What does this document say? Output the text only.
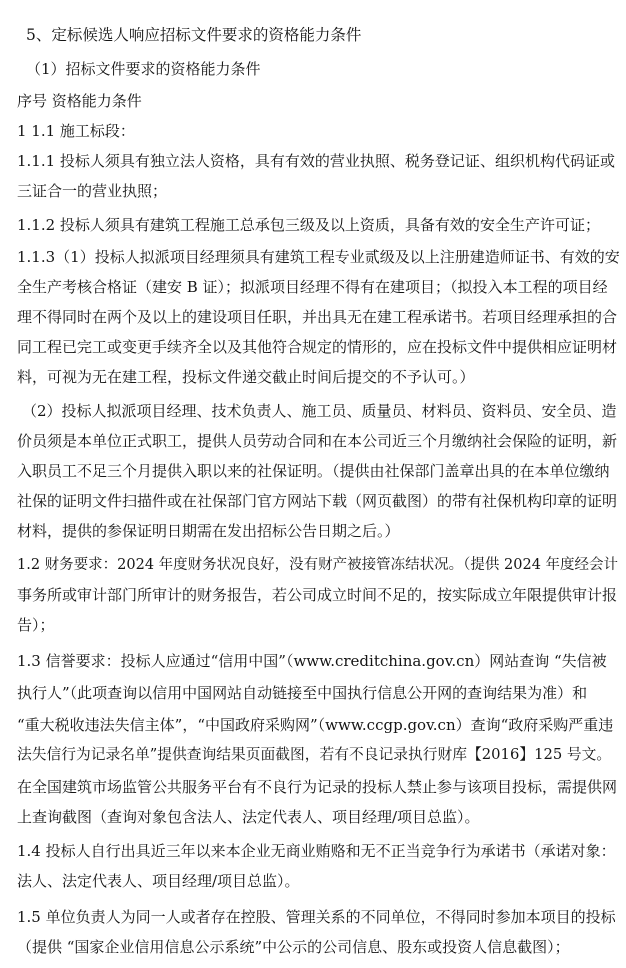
5、定标候选人响应招标文件要求的资格能力条件
（1）招标文件要求的资格能力条件
序号 资格能力条件
1 1.1 施工标段：
1.1.1 投标人须具有独立法人资格，具有有效的营业执照、税务登记证、组织机构代码证或
三证合一的营业执照；
1.1.2 投标人须具有建筑工程施工总承包三级及以上资质，具备有效的安全生产许可证；
1.1.3（1）投标人拟派项目经理须具有建筑工程专业贰级及以上注册建造师证书、有效的安
全生产考核合格证（建安 B 证）；拟派项目经理不得有在建项目；（拟投入本工程的项目经
理不得同时在两个及以上的建设项目任职，并出具无在建工程承诺书。若项目经理承担的合
同工程已完工或变更手续齐全以及其他符合规定的情形的，应在投标文件中提供相应证明材
料，可视为无在建工程，投标文件递交截止时间后提交的不予认可。）
（2）投标人拟派项目经理、技术负责人、施工员、质量员、材料员、资料员、安全员、造
价员须是本单位正式职工，提供人员劳动合同和在本公司近三个月缴纳社会保险的证明，新
入职员工不足三个月提供入职以来的社保证明。（提供由社保部门盖章出具的在本单位缴纳
社保的证明文件扫描件或在社保部门官方网站下载（网页截图）的带有社保机构印章的证明
材料，提供的参保证明日期需在发出招标公告日期之后。）
1.2 财务要求：2024 年度财务状况良好，没有财产被接管冻结状况。（提供 2024 年度经会计
事务所或审计部门所审计的财务报告，若公司成立时间不足的，按实际成立年限提供审计报
告）；
1.3 信誉要求：投标人应通过“信用中国”（www.creditchina.gov.cn）网站查询 “失信被
执行人”（此项查询以信用中国网站自动链接至中国执行信息公开网的查询结果为准）和
“重大税收违法失信主体”，“中国政府采购网”（www.ccgp.gov.cn）查询“政府采购严重违
法失信行为记录名单”提供查询结果页面截图，若有不良记录执行财库【2016】125 号文。
在全国建筑市场监管公共服务平台有不良行为记录的投标人禁止参与该项目投标，需提供网
上查询截图（查询对象包含法人、法定代表人、项目经理/项目总监）。
1.4 投标人自行出具近三年以来本企业无商业贿赂和无不正当竞争行为承诺书（承诺对象：
法人、法定代表人、项目经理/项目总监）。
1.5 单位负责人为同一人或者存在控股、管理关系的不同单位，不得同时参加本项目的投标
（提供 “国家企业信用信息公示系统”中公示的公司信息、股东或投资人信息截图）；
